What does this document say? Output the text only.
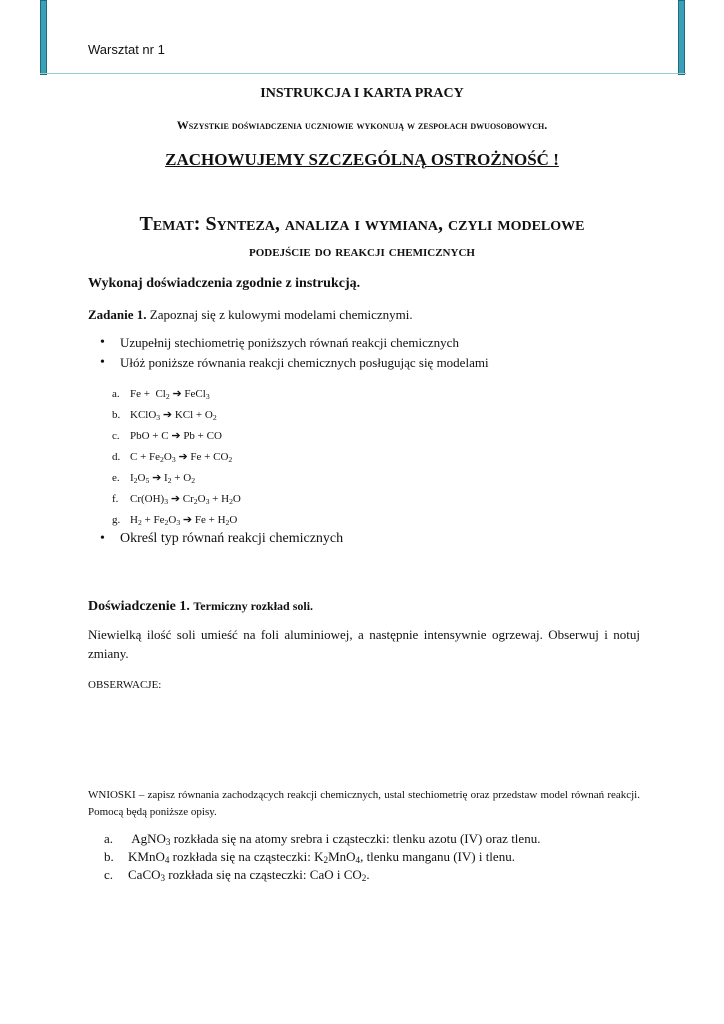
Warsztat nr 1
INSTRUKCJA I KARTA PRACY
Wszystkie doświadczenia uczniowie wykonują w zespołach dwuosobowych.
ZACHOWUJEMY SZCZEGÓLNĄ OSTROŻNOŚĆ !
Temat: Synteza, analiza i wymiana, czyli modelowe
podejście do reakcji chemicznych
Wykonaj doświadczenia zgodnie z instrukcją.
Zadanie 1. Zapoznaj się z kulowymi modelami chemicznymi.
• Uzupełnij stechiometrię poniższych równań reakcji chemicznych
• Ułóż poniższe równania reakcji chemicznych posługując się modelami
a. $Fe + Cl_2$ ➔ FeCl$_3$
b. KClO$_3$ ➔ KCl + $O_2$
c. PbO + C ➔ Pb + CO
d. $C + Fe_2O_3$ ➔ $Fe + CO_2$
e. $I_2O_5$ ➔ $I_2 + O_2$
f. $Cr(OH)_3$ ➔ $Cr_2O_3 + H_2O$
g. $H_2 + Fe_2O_3$ ➔ $Fe + H_2O$
• Określ typ równań reakcji chemicznych
Doświadczenie 1. Termiczny rozkład soli.
Niewielką ilość soli umieść na foli aluminiowej, a następnie intensywnie ogrzewaj. Obserwuj i notuj zmiany.
OBSERWACJE:
WNIOSKI – zapisz równania zachodzących reakcji chemicznych, ustal stechiometrię oraz przedstaw model równań reakcji. Pomocą będą poniższe opisy.
a. AgNO$_3$ rozkłada się na atomy srebra i cząsteczki: tlenku azotu (IV) oraz tlenu.
b. KMnO$_4$ rozkłada się na cząsteczki: $K_2MnO_4$, tlenku manganu (IV) i tlenu.
c. CaCO$_3$ rozkłada się na cząsteczki: CaO i $CO_2$.
